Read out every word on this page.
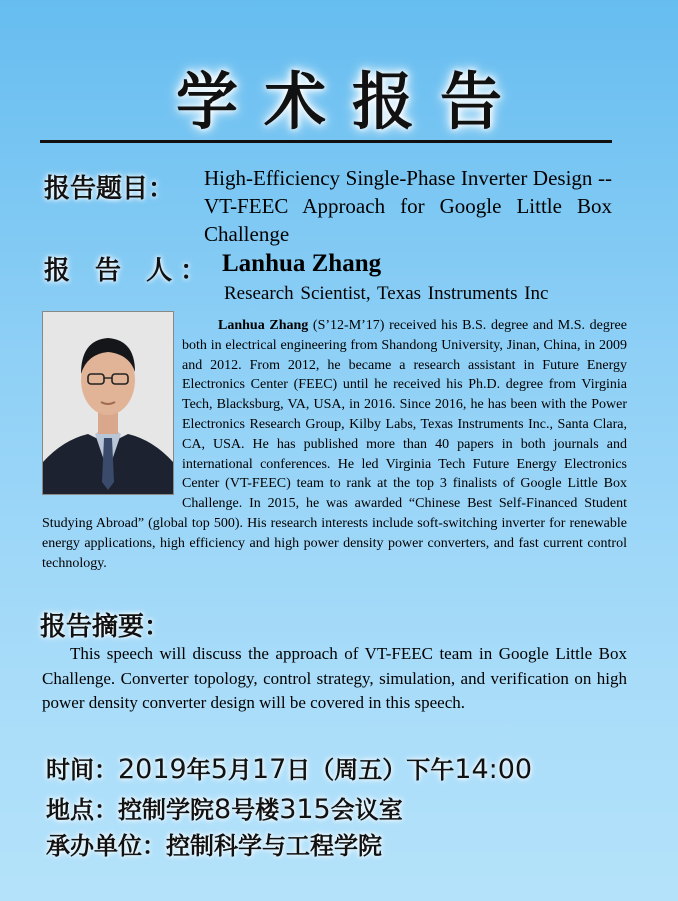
学术报告
报告题目： High-Efficiency Single-Phase Inverter Design --VT-FEEC Approach for Google Little Box Challenge
报 告 人： Lanhua Zhang
Research Scientist, Texas Instruments Inc
Lanhua Zhang (S’12-M’17) received his B.S. degree and M.S. degree both in electrical engineering from Shandong University, Jinan, China, in 2009 and 2012. From 2012, he became a research assistant in Future Energy Electronics Center (FEEC) until he received his Ph.D. degree from Virginia Tech, Blacksburg, VA, USA, in 2016. Since 2016, he has been with the Power Electronics Research Group, Kilby Labs, Texas Instruments Inc., Santa Clara, CA, USA. He has published more than 40 papers in both journals and international conferences. He led Virginia Tech Future Energy Electronics Center (VT-FEEC) team to rank at the top 3 finalists of Google Little Box Challenge. In 2015, he was awarded “Chinese Best Self-Financed Student Studying Abroad” (global top 500). His research interests include soft-switching inverter for renewable energy applications, high efficiency and high power density power converters, and fast current control technology.
报告摘要：
This speech will discuss the approach of VT-FEEC team in Google Little Box Challenge. Converter topology, control strategy, simulation, and verification on high power density converter design will be covered in this speech.
时间：2019年5月17日（周五）下午14:00
地点：控制学院8号楼315会议室
承办单位：控制科学与工程学院
